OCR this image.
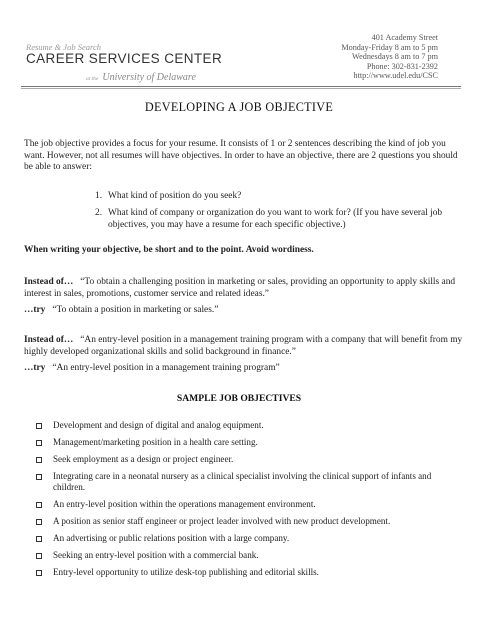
Resume & Job Search
CAREER SERVICES CENTER
at the University of Delaware
401 Academy Street
Monday-Friday 8 am to 5 pm
Wednesdays 8 am to 7 pm
Phone: 302-831-2392
http://www.udel.edu/CSC
DEVELOPING A JOB OBJECTIVE
The job objective provides a focus for your resume. It consists of 1 or 2 sentences describing the kind of job you want. However, not all resumes will have objectives. In order to have an objective, there are 2 questions you should be able to answer:
1. What kind of position do you seek?
2. What kind of company or organization do you want to work for? (If you have several job objectives, you may have a resume for each specific objective.)
When writing your objective, be short and to the point. Avoid wordiness.
Instead of… “To obtain a challenging position in marketing or sales, providing an opportunity to apply skills and interest in sales, promotions, customer service and related ideas.”
…try “To obtain a position in marketing or sales.”
Instead of… “An entry-level position in a management training program with a company that will benefit from my highly developed organizational skills and solid background in finance.”
…try “An entry-level position in a management training program”
SAMPLE JOB OBJECTIVES
Development and design of digital and analog equipment.
Management/marketing position in a health care setting.
Seek employment as a design or project engineer.
Integrating care in a neonatal nursery as a clinical specialist involving the clinical support of infants and children.
An entry-level position within the operations management environment.
A position as senior staff engineer or project leader involved with new product development.
An advertising or public relations position with a large company.
Seeking an entry-level position with a commercial bank.
Entry-level opportunity to utilize desk-top publishing and editorial skills.
